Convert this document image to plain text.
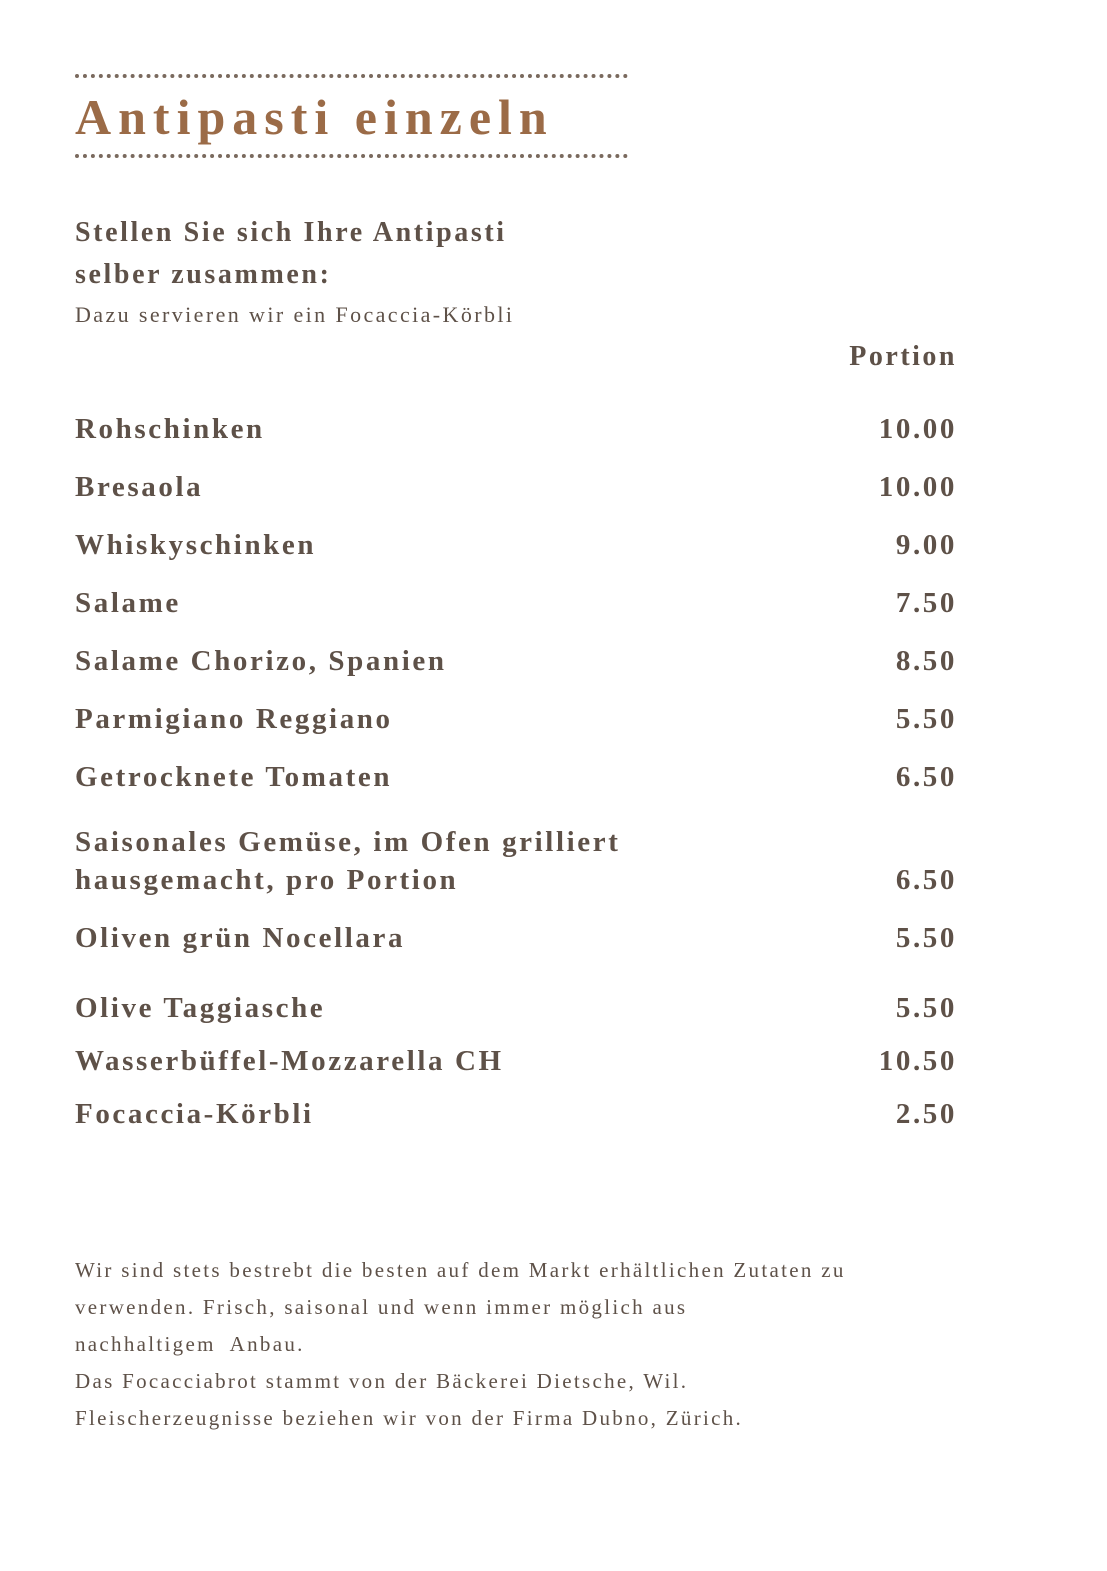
Antipasti einzeln
Stellen Sie sich Ihre Antipasti
selber zusammen:
Dazu servieren wir ein Focaccia-Körbli
Portion
Rohschinken	10.00
Bresaola	10.00
Whiskyschinken	9.00
Salame	7.50
Salame Chorizo, Spanien	8.50
Parmigiano Reggiano	5.50
Getrocknete Tomaten	6.50
Saisonales Gemüse, im Ofen grilliert
hausgemacht, pro Portion	6.50
Oliven grün Nocellara	5.50
Olive Taggiasche	5.50
Wasserbüffel-Mozzarella CH	10.50
Focaccia-Körbli	2.50
Wir sind stets bestrebt die besten auf dem Markt erhältlichen Zutaten zu
verwenden. Frisch, saisonal und wenn immer möglich aus
nachhaltigem  Anbau.
Das Focacciabrot stammt von der Bäckerei Dietsche, Wil.
Fleischerzeugnisse beziehen wir von der Firma Dubno, Zürich.
